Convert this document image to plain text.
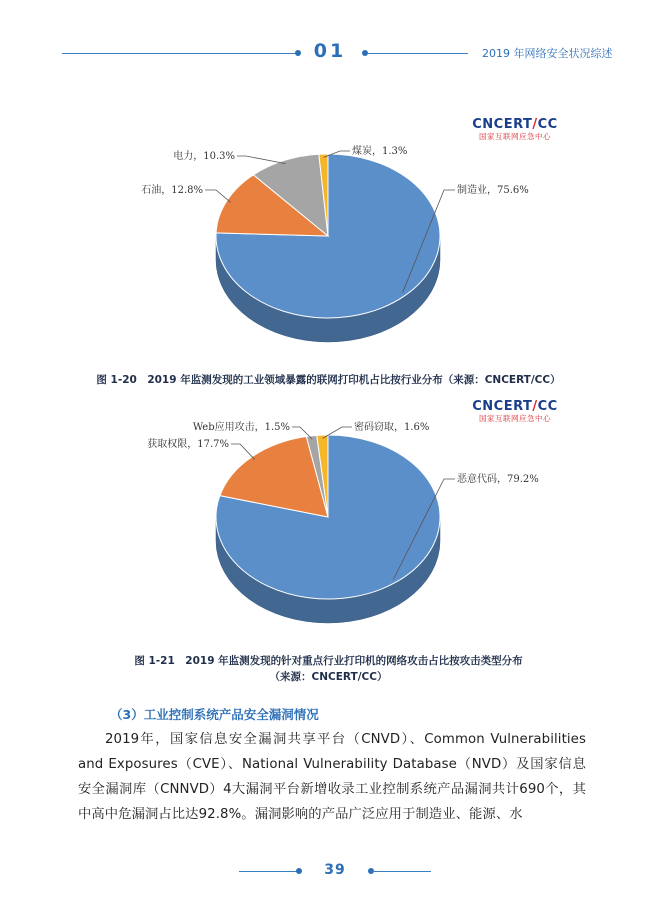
01	2019 年网络安全状况综述
CNCERT/CC
国家互联网应急中心
制造业，75.6%
石油，12.8%
电力，10.3%	煤炭，1.3%
图 1-20　2019 年监测发现的工业领域暴露的联网打印机占比按行业分布（来源：CNCERT/CC）
CNCERT/CC
国家互联网应急中心
恶意代码，79.2%
获取权限，17.7%
Web应用攻击，1.5%	密码窃取，1.6%
图 1-21　2019 年监测发现的针对重点行业打印机的网络攻击占比按攻击类型分布
（来源：CNCERT/CC）
（3）工业控制系统产品安全漏洞情况
2019年，国家信息安全漏洞共享平台（CNVD）、Common Vulnerabilities and Exposures（CVE）、National Vulnerability Database（NVD）及国家信息安全漏洞库（CNNVD）4大漏洞平台新增收录工业控制系统产品漏洞共计690个，其中高中危漏洞占比达92.8%。漏洞影响的产品广泛应用于制造业、能源、水
39
